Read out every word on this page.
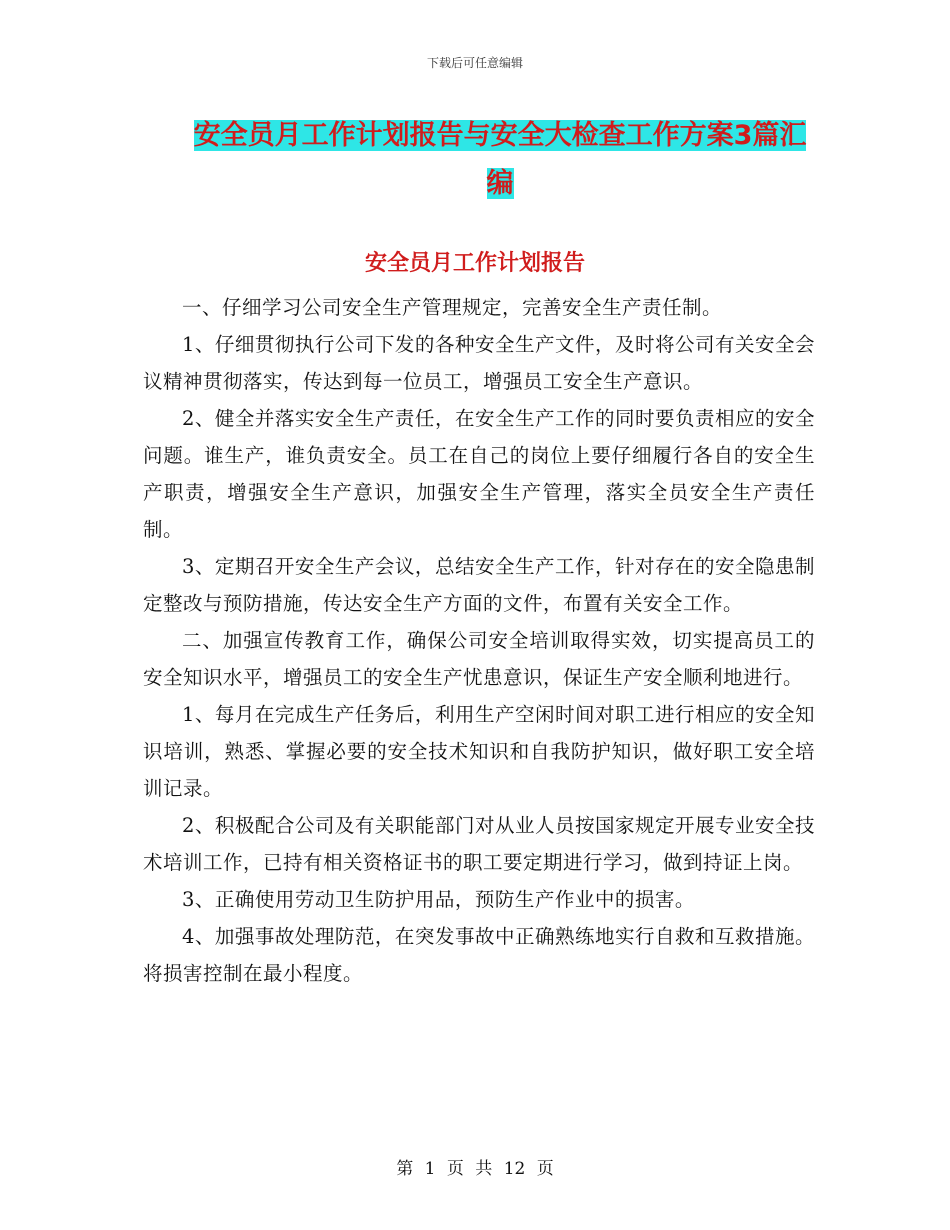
下载后可任意编辑
安全员月工作计划报告与安全大检查工作方案3篇汇编
安全员月工作计划报告

一、仔细学习公司安全生产管理规定，完善安全生产责任制。

1、仔细贯彻执行公司下发的各种安全生产文件，及时将公司有关安全会议精神贯彻落实，传达到每一位员工，增强员工安全生产意识。

2、健全并落实安全生产责任，在安全生产工作的同时要负责相应的安全问题。谁生产，谁负责安全。员工在自己的岗位上要仔细履行各自的安全生产职责，增强安全生产意识，加强安全生产管理，落实全员安全生产责任制。

3、定期召开安全生产会议，总结安全生产工作，针对存在的安全隐患制定整改与预防措施，传达安全生产方面的文件，布置有关安全工作。

二、加强宣传教育工作，确保公司安全培训取得实效，切实提高员工的安全知识水平，增强员工的安全生产忧患意识，保证生产安全顺利地进行。

1、每月在完成生产任务后，利用生产空闲时间对职工进行相应的安全知识培训，熟悉、掌握必要的安全技术知识和自我防护知识，做好职工安全培训记录。

2、积极配合公司及有关职能部门对从业人员按国家规定开展专业安全技术培训工作，已持有相关资格证书的职工要定期进行学习，做到持证上岗。

3、正确使用劳动卫生防护用品，预防生产作业中的损害。

4、加强事故处理防范，在突发事故中正确熟练地实行自救和互救措施。将损害控制在最小程度。

第 1 页 共 12 页
